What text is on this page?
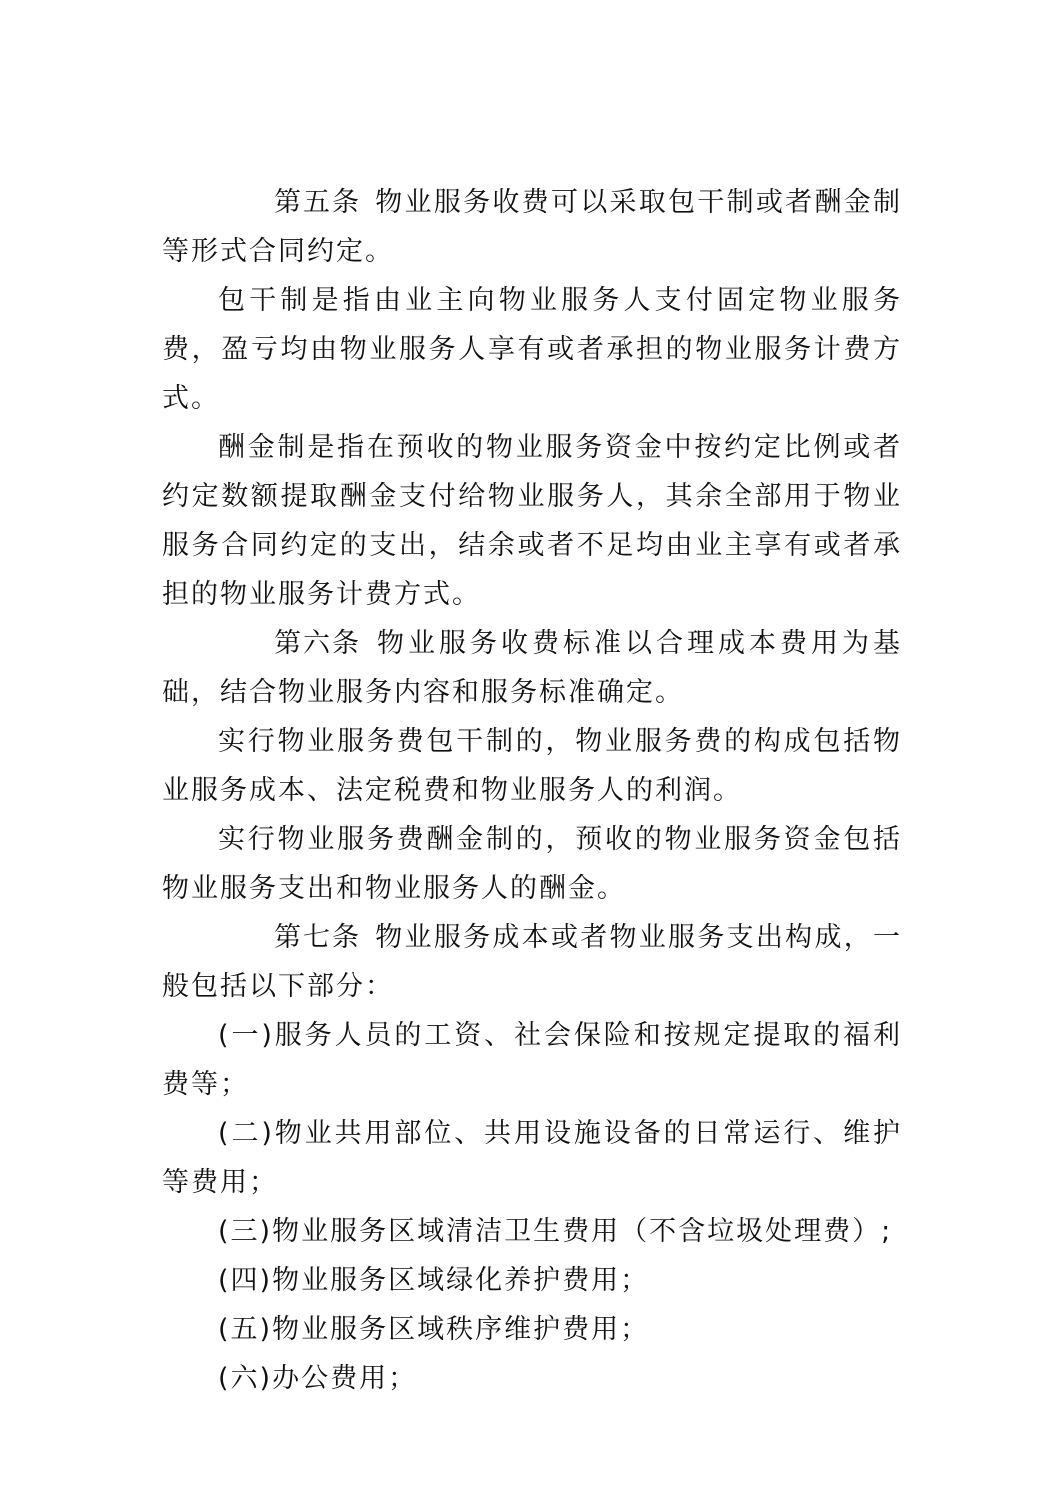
第五条 物业服务收费可以采取包干制或者酬金制等形式合同约定。

包干制是指由业主向物业服务人支付固定物业服务费，盈亏均由物业服务人享有或者承担的物业服务计费方式。

酬金制是指在预收的物业服务资金中按约定比例或者约定数额提取酬金支付给物业服务人，其余全部用于物业服务合同约定的支出，结余或者不足均由业主享有或者承担的物业服务计费方式。

第六条 物业服务收费标准以合理成本费用为基础，结合物业服务内容和服务标准确定。

实行物业服务费包干制的，物业服务费的构成包括物业服务成本、法定税费和物业服务人的利润。

实行物业服务费酬金制的，预收的物业服务资金包括物业服务支出和物业服务人的酬金。

第七条 物业服务成本或者物业服务支出构成，一般包括以下部分：

(一)服务人员的工资、社会保险和按规定提取的福利费等；

(二)物业共用部位、共用设施设备的日常运行、维护等费用；

(三)物业服务区域清洁卫生费用（不含垃圾处理费）;

(四)物业服务区域绿化养护费用；

(五)物业服务区域秩序维护费用；

(六)办公费用；
